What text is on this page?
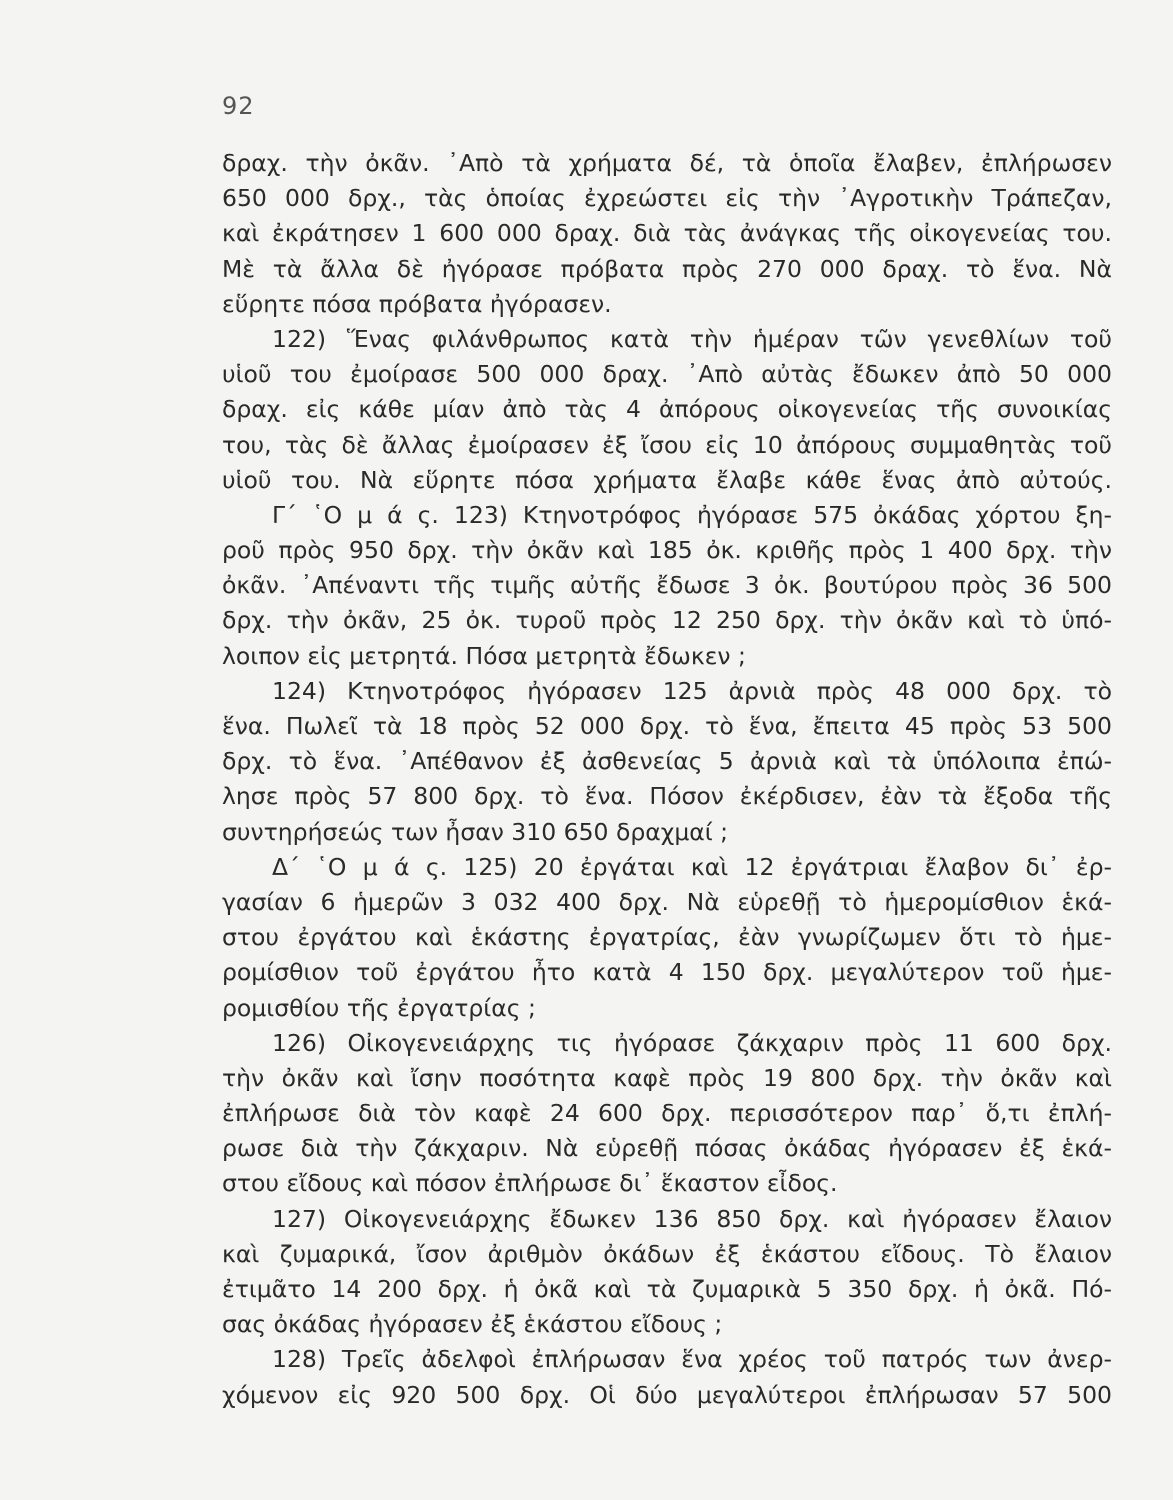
92
δραχ. τὴν ὀκᾶν. ᾿Απὸ τὰ χρήματα δέ, τὰ ὁποῖα ἔλαβεν, ἐπλήρωσεν
650 000 δρχ., τὰς ὁποίας ἐχρεώστει εἰς τὴν ᾿Αγροτικὴν Τράπεζαν,
καὶ ἐκράτησεν 1 600 000 δραχ. διὰ τὰς ἀνάγκας τῆς οἰκογενείας του.
Μὲ τὰ ἄλλα δὲ ἠγόρασε πρόβατα πρὸς 270 000 δραχ. τὸ ἕνα. Νὰ
εὕρητε πόσα πρόβατα ἠγόρασεν.
122) Ἕνας φιλάνθρωπος κατὰ τὴν ἡμέραν τῶν γενεθλίων τοῦ
υἱοῦ του ἐμοίρασε 500 000 δραχ. ᾿Απὸ αὐτὰς ἔδωκεν ἀπὸ 50 000
δραχ. εἰς κάθε μίαν ἀπὸ τὰς 4 ἀπόρους οἰκογενείας τῆς συνοικίας
του, τὰς δὲ ἄλλας ἐμοίρασεν ἐξ ἴσου εἰς 10 ἀπόρους συμμαθητὰς τοῦ
υἱοῦ του. Νὰ εὕρητε πόσα χρήματα ἔλαβε κάθε ἕνας ἀπὸ αὐτούς.
Γ΄ ῾Ο μ ά ς. 123) Κτηνοτρόφος ἠγόρασε 575 ὀκάδας χόρτου ξη-
ροῦ πρὸς 950 δρχ. τὴν ὀκᾶν καὶ 185 ὀκ. κριθῆς πρὸς 1 400 δρχ. τὴν
ὀκᾶν. ᾿Απέναντι τῆς τιμῆς αὐτῆς ἔδωσε 3 ὀκ. βουτύρου πρὸς 36 500
δρχ. τὴν ὀκᾶν, 25 ὀκ. τυροῦ πρὸς 12 250 δρχ. τὴν ὀκᾶν καὶ τὸ ὑπό-
λοιπον εἰς μετρητά. Πόσα μετρητὰ ἔδωκεν ;
124) Κτηνοτρόφος ἠγόρασεν 125 ἀρνιὰ πρὸς 48 000 δρχ. τὸ
ἕνα. Πωλεῖ τὰ 18 πρὸς 52 000 δρχ. τὸ ἕνα, ἔπειτα 45 πρὸς 53 500
δρχ. τὸ ἕνα. ᾿Απέθανον ἐξ ἀσθενείας 5 ἀρνιὰ καὶ τὰ ὑπόλοιπα ἐπώ-
λησε πρὸς 57 800 δρχ. τὸ ἕνα. Πόσον ἐκέρδισεν, ἐὰν τὰ ἔξοδα τῆς
συντηρήσεώς των ἦσαν 310 650 δραχμαί ;
Δ΄ ῾Ο μ ά ς. 125) 20 ἐργάται καὶ 12 ἐργάτριαι ἔλαβον δι᾿ ἐρ-
γασίαν 6 ἡμερῶν 3 032 400 δρχ. Νὰ εὑρεθῇ τὸ ἡμερομίσθιον ἑκά-
στου ἐργάτου καὶ ἑκάστης ἐργατρίας, ἐὰν γνωρίζωμεν ὅτι τὸ ἡμε-
ρομίσθιον τοῦ ἐργάτου ἦτο κατὰ 4 150 δρχ. μεγαλύτερον τοῦ ἡμε-
ρομισθίου τῆς ἐργατρίας ;
126) Οἰκογενειάρχης τις ἠγόρασε ζάκχαριν πρὸς 11 600 δρχ.
τὴν ὀκᾶν καὶ ἴσην ποσότητα καφὲ πρὸς 19 800 δρχ. τὴν ὀκᾶν καὶ
ἐπλήρωσε διὰ τὸν καφὲ 24 600 δρχ. περισσότερον παρ᾿ ὅ,τι ἐπλή-
ρωσε διὰ τὴν ζάκχαριν. Νὰ εὑρεθῇ πόσας ὀκάδας ἠγόρασεν ἐξ ἑκά-
στου εἴδους καὶ πόσον ἐπλήρωσε δι᾿ ἕκαστον εἶδος.
127) Οἰκογενειάρχης ἔδωκεν 136 850 δρχ. καὶ ἠγόρασεν ἔλαιον
καὶ ζυμαρικά, ἴσον ἀριθμὸν ὀκάδων ἐξ ἑκάστου εἴδους. Τὸ ἔλαιον
ἐτιμᾶτο 14 200 δρχ. ἡ ὀκᾶ καὶ τὰ ζυμαρικὰ 5 350 δρχ. ἡ ὀκᾶ. Πό-
σας ὀκάδας ἠγόρασεν ἐξ ἑκάστου εἴδους ;
128) Τρεῖς ἀδελφοὶ ἐπλήρωσαν ἕνα χρέος τοῦ πατρός των ἀνερ-
χόμενον εἰς 920 500 δρχ. Οἱ δύο μεγαλύτεροι ἐπλήρωσαν 57 500
